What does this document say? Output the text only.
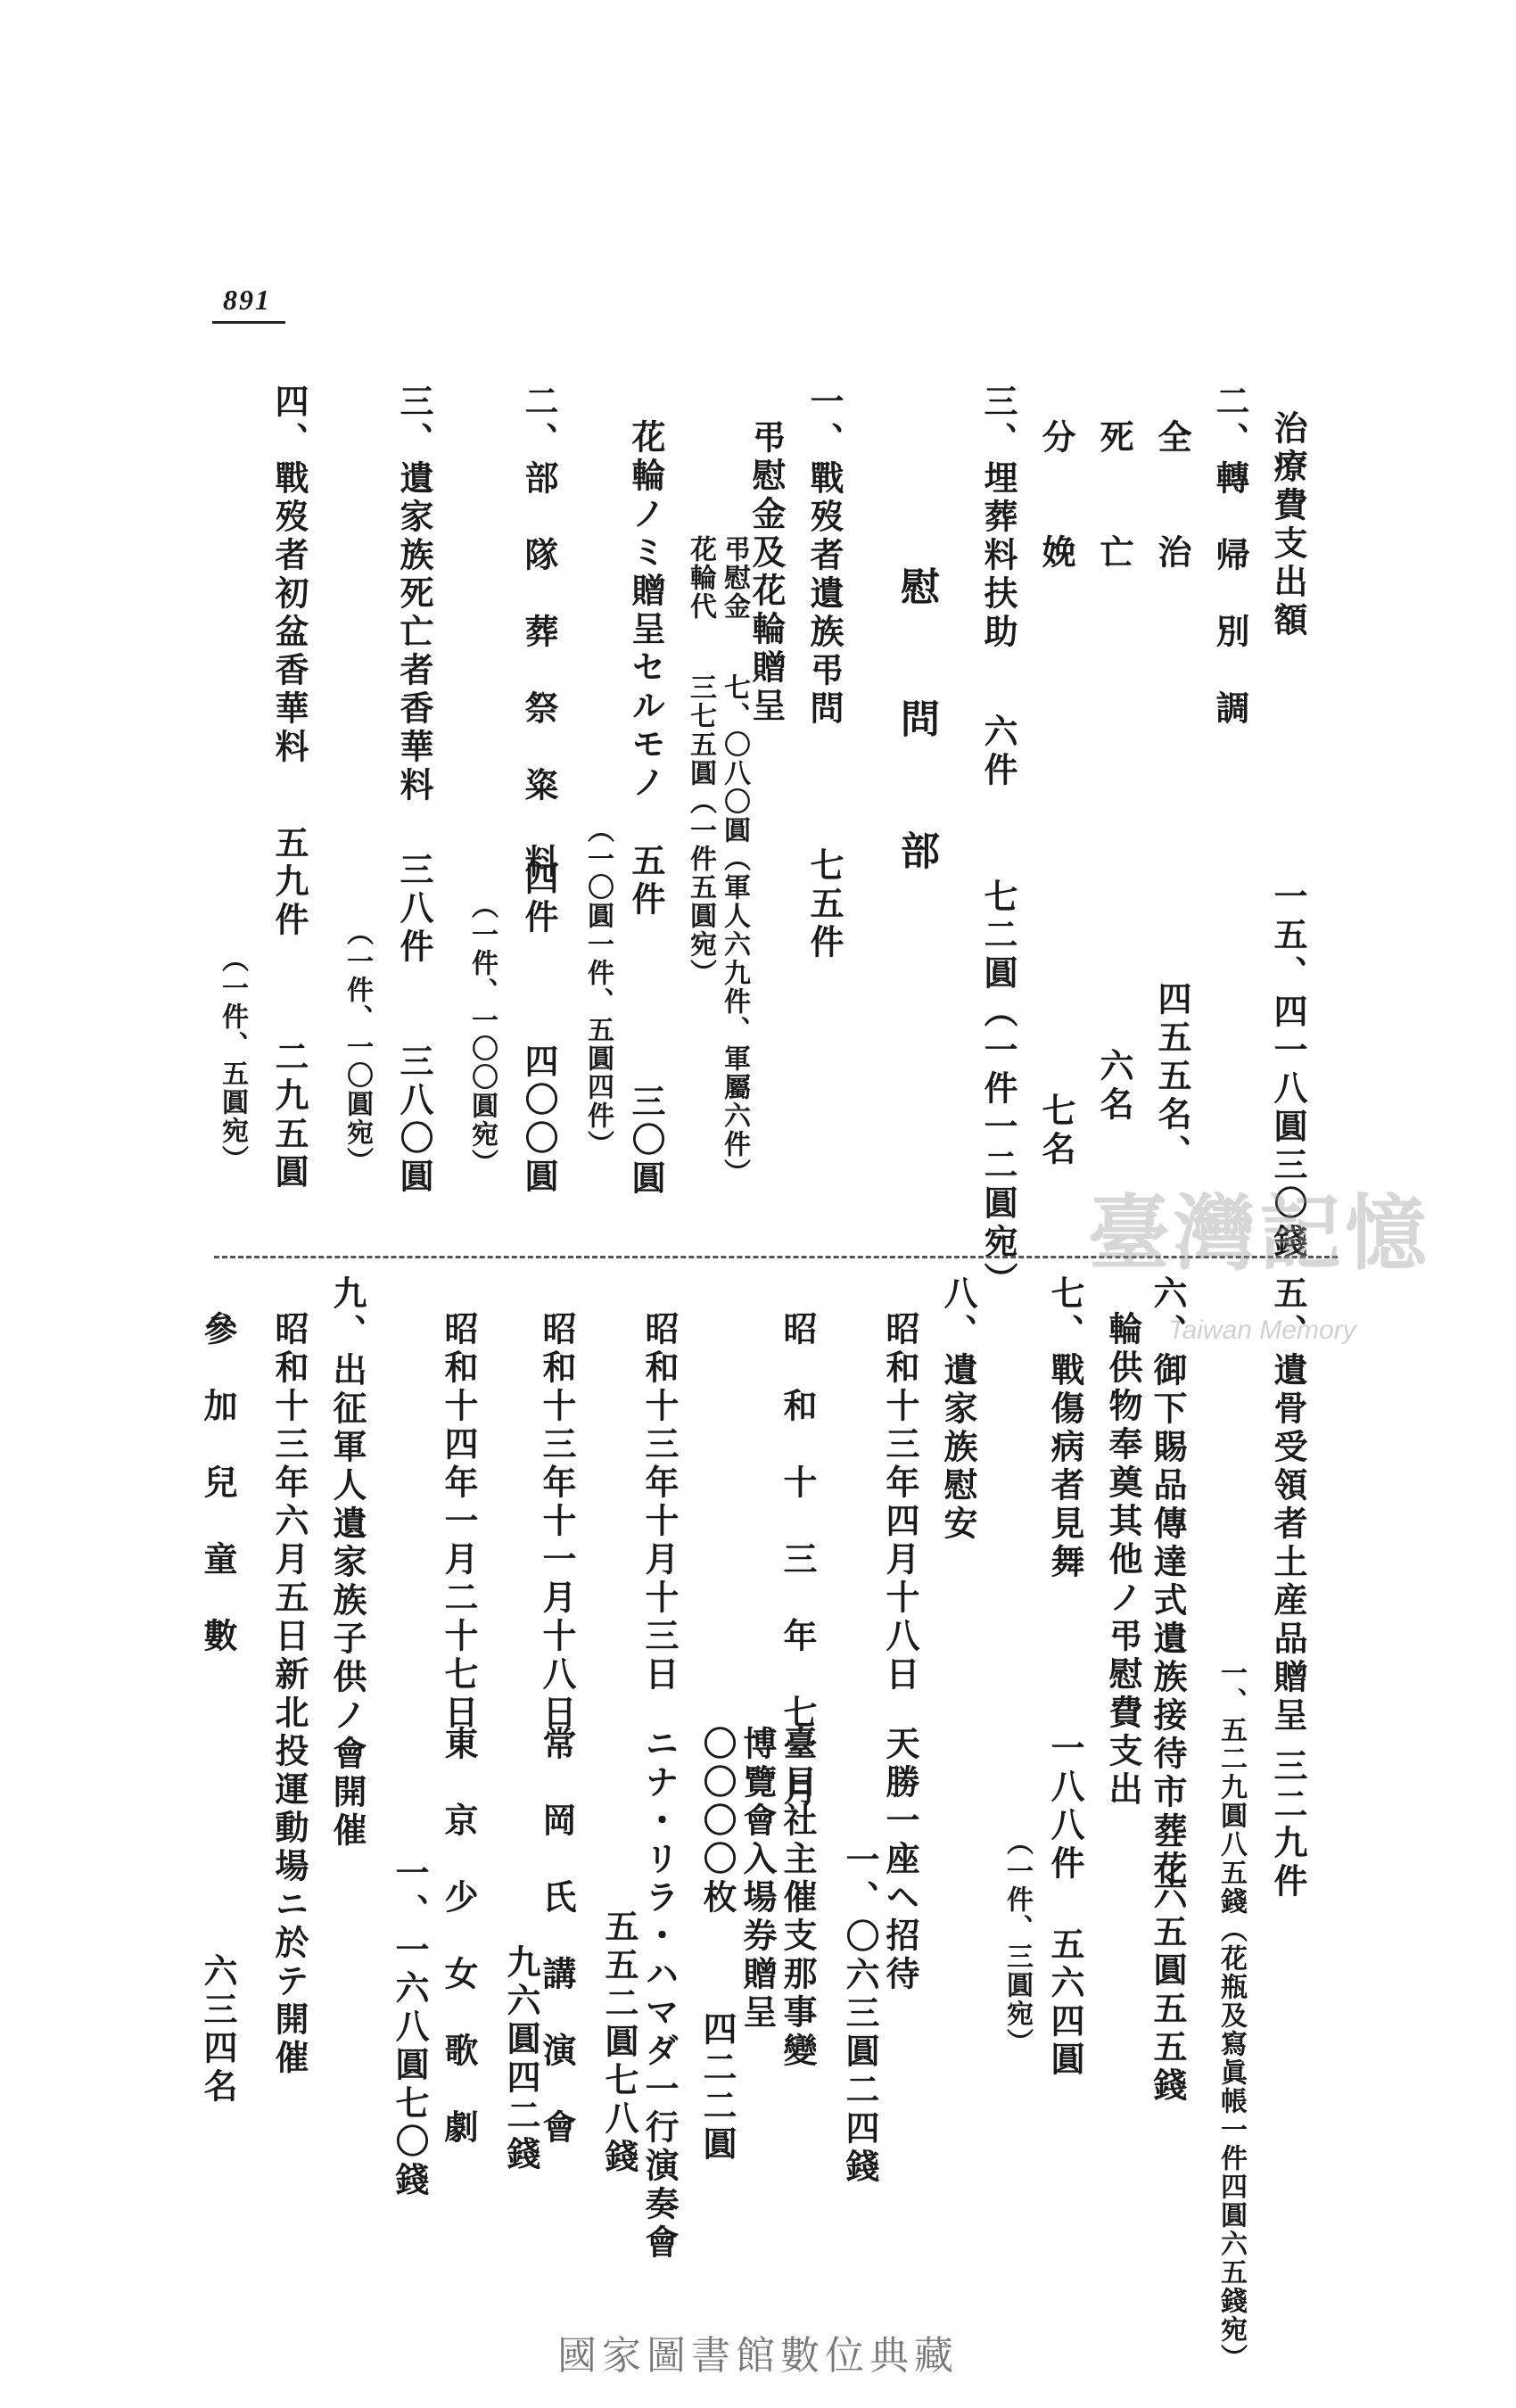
891
治療費支出額
一五、四一八圓三〇錢
二、轉　帰　別　調
全　　治
四五五名、
死　　亡
六名
分　　娩
七名
三、埋葬料扶助
六件
七二圓（一件一二圓宛）
慰　問　部
一、戰歿者遺族弔問
七五件
弔慰金及花輪贈呈
弔慰金
七、〇八〇圓（軍人六九件、軍屬六件）
花輪代
三七五圓（一件五圓宛）
花輪ノミ贈呈セルモノ
五件
三〇圓
（一〇圓一件、五圓四件）
二、部　隊　葬　祭　粢　料
四件
四〇〇圓
（一件、一〇〇圓宛）
三、遺家族死亡者香華料
三八件
三八〇圓
（一件、一〇圓宛）
四、戰歿者初盆香華料
五九件
二九五圓
（一件、五圓宛）
臺灣記憶
Taiwan Memory
五、遺骨受領者土産品贈呈
三二九件
一、五二九圓八五錢（花瓶及寫眞帳一件四圓六五錢宛）
六、御下賜品傳達式遺族接待市葬花
二六五圓五五錢
輪供物奉奠其他ノ弔慰費支出
七、戰傷病者見舞
一八八件
五六四圓
（一件、三圓宛）
八、遺家族慰安
昭和十三年四月十八日
天勝一座ヘ招待
一、〇六三圓二四錢
昭　和　十　三　年　七　月
臺日社主催支那事變
博覽會入場券贈呈
〇〇〇〇枚
四二二圓
昭和十三年十月十三日
ニナ・リラ・ハマダ一行演奏會
五五二圓七八錢
昭和十三年十一月十八日
常　岡　氏　講　演　會
九六圓四二錢
昭和十四年一月二十七日
東　京　少　女　歌　劇
一、一六八圓七〇錢
九、出征軍人遺家族子供ノ會開催
昭和十三年六月五日新北投運動場ニ於テ開催
參　加　兒　童　數
六三四名
國家圖書館數位典藏
